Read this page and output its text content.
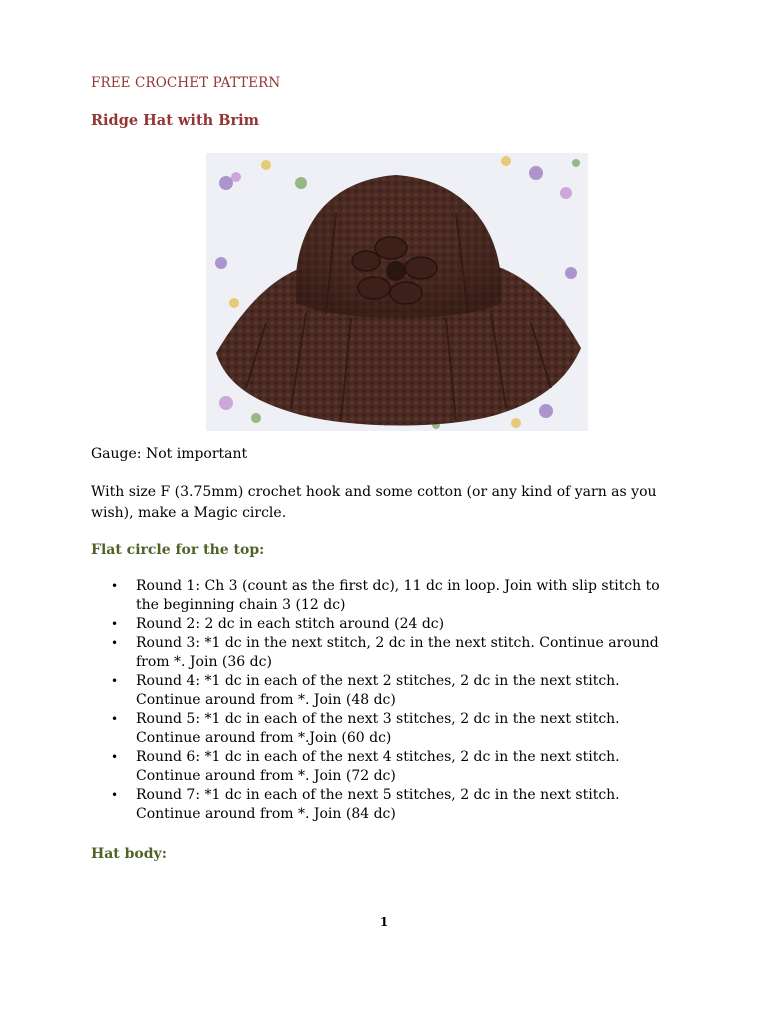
FREE CROCHET PATTERN
Ridge Hat with Brim
Gauge: Not important
With size F (3.75mm) crochet hook and some cotton (or any kind of yarn as you wish), make a Magic circle.
Flat circle for the top:
• Round 1: Ch 3 (count as the first dc), 11 dc in loop. Join with slip stitch to the beginning chain 3 (12 dc)
• Round 2: 2 dc in each stitch around (24 dc)
• Round 3: *1 dc in the next stitch, 2 dc in the next stitch. Continue around from *. Join (36 dc)
• Round 4: *1 dc in each of the next 2 stitches, 2 dc in the next stitch. Continue around from *. Join (48 dc)
• Round 5: *1 dc in each of the next 3 stitches, 2 dc in the next stitch. Continue around from *.Join (60 dc)
• Round 6: *1 dc in each of the next 4 stitches, 2 dc in the next stitch. Continue around from *. Join (72 dc)
• Round 7: *1 dc in each of the next 5 stitches, 2 dc in the next stitch. Continue around from *. Join (84 dc)
Hat body:
1
